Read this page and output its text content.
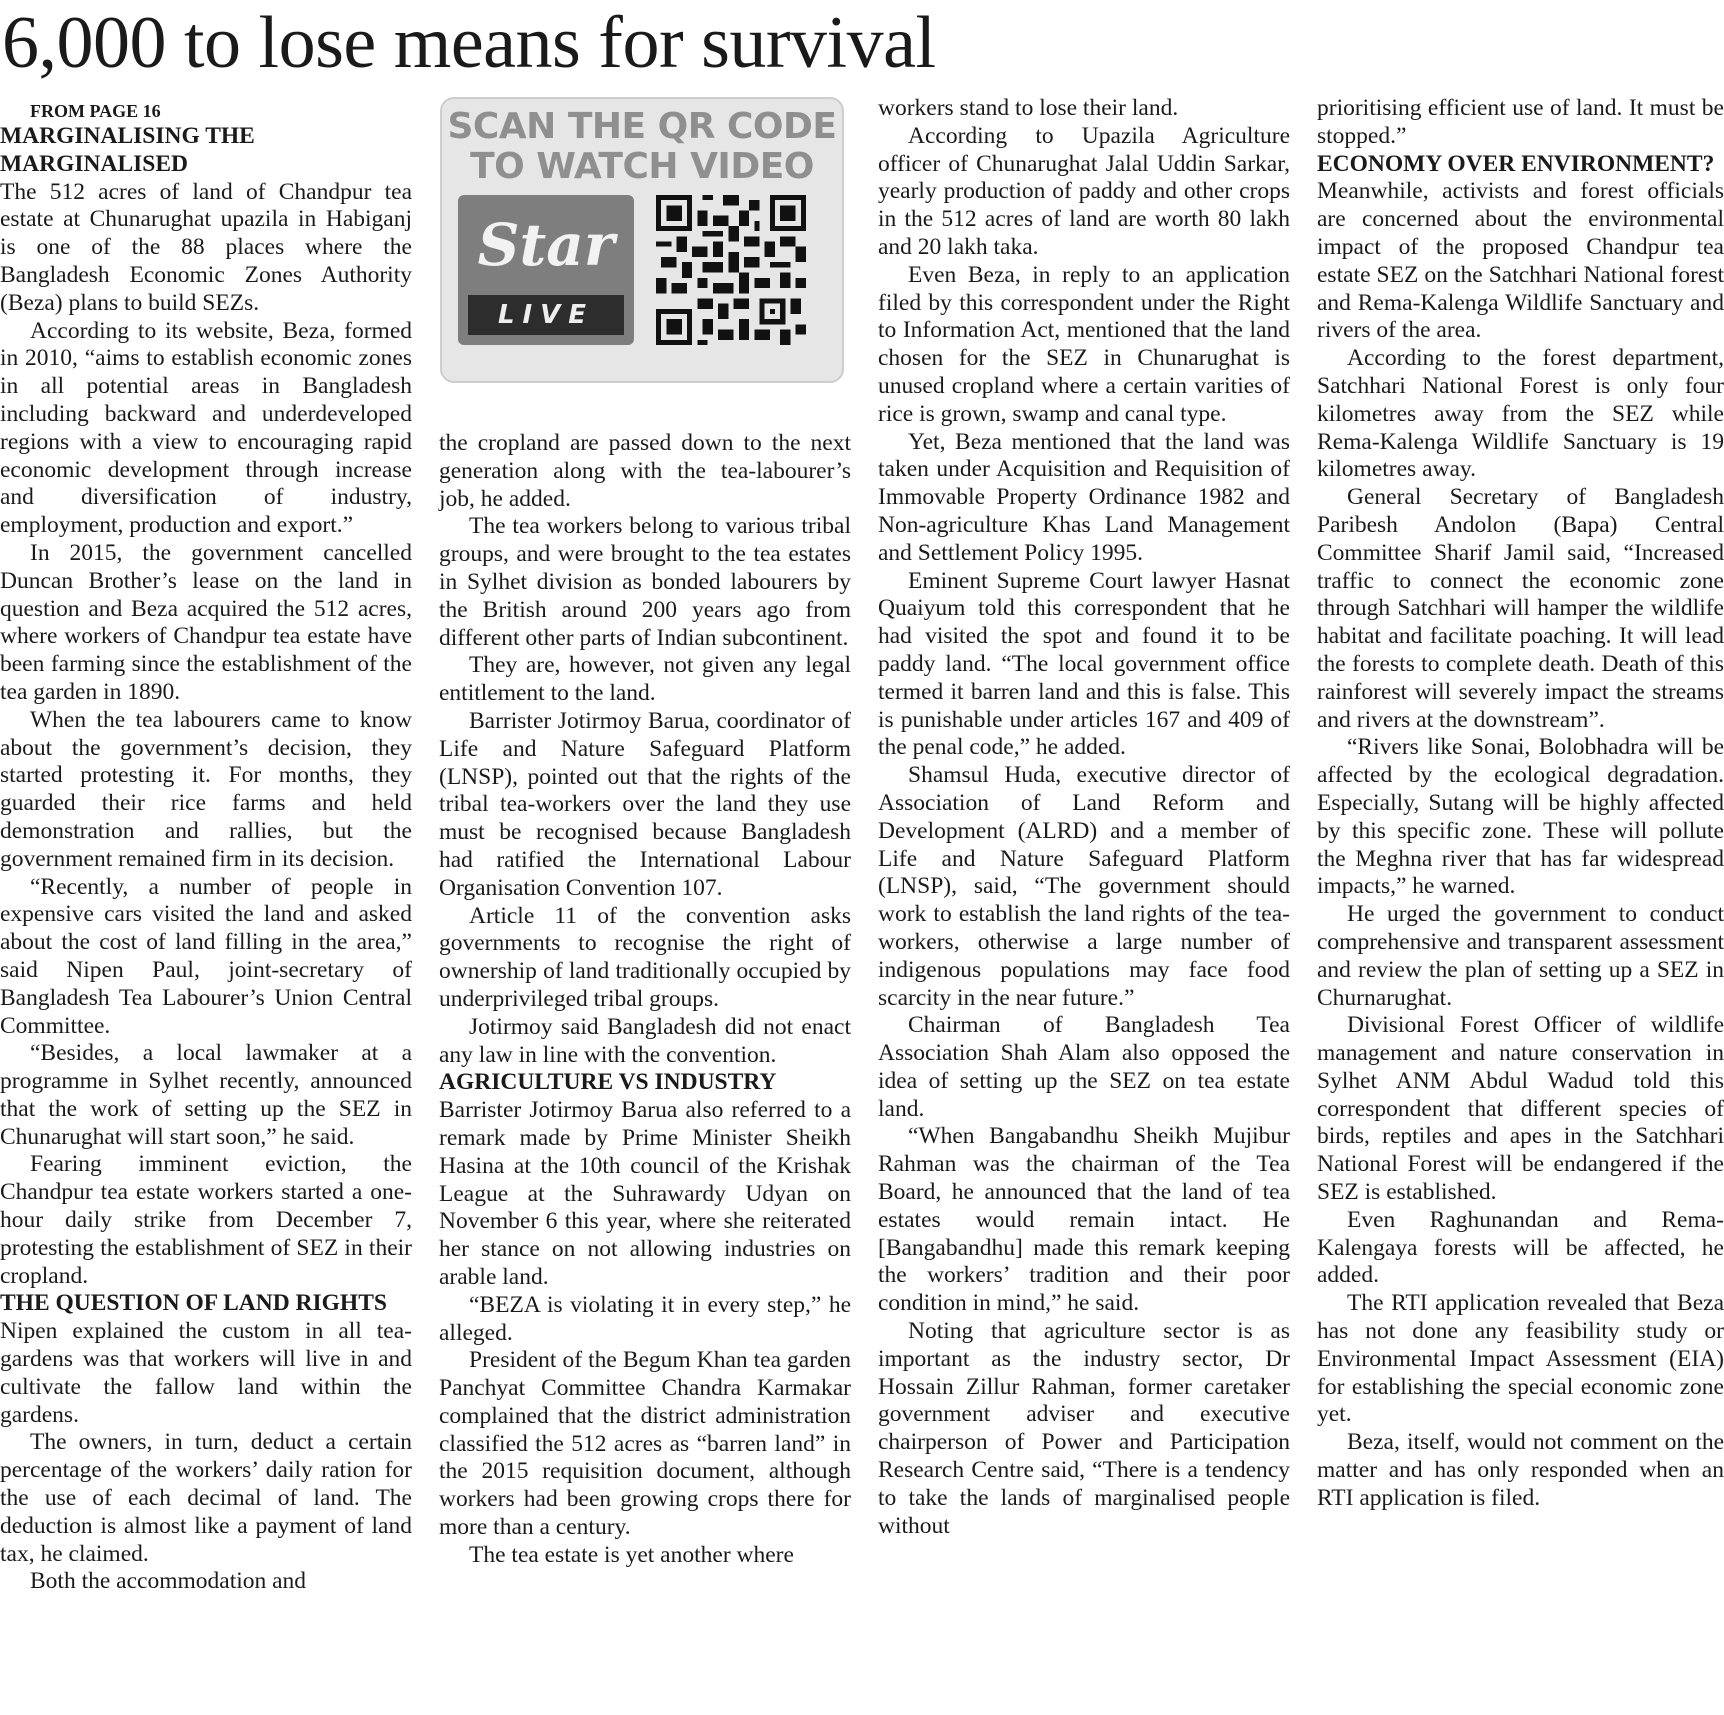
6,000 to lose means for survival

FROM PAGE 16

MARGINALISING THE MARGINALISED

The 512 acres of land of Chandpur tea estate at Chunarughat upazila in Habiganj is one of the 88 places where the Bangladesh Economic Zones Authority (Beza) plans to build SEZs.

According to its website, Beza, formed in 2010, “aims to establish economic zones in all potential areas in Bangladesh including backward and underdeveloped regions with a view to encouraging rapid economic development through increase and diversification of industry, employment, production and export.”

In 2015, the government cancelled Duncan Brother’s lease on the land in question and Beza acquired the 512 acres, where workers of Chandpur tea estate have been farming since the establishment of the tea garden in 1890.

When the tea labourers came to know about the government’s decision, they started protesting it. For months, they guarded their rice farms and held demonstration and rallies, but the government remained firm in its decision.

“Recently, a number of people in expensive cars visited the land and asked about the cost of land filling in the area,” said Nipen Paul, joint-secretary of Bangladesh Tea Labourer’s Union Central Committee.

“Besides, a local lawmaker at a programme in Sylhet recently, announced that the work of setting up the SEZ in Chunarughat will start soon,” he said.

Fearing imminent eviction, the Chandpur tea estate workers started a one-hour daily strike from December 7, protesting the establishment of SEZ in their cropland.

THE QUESTION OF LAND RIGHTS

Nipen explained the custom in all tea-gardens was that workers will live in and cultivate the fallow land within the gardens.

The owners, in turn, deduct a certain percentage of the workers’ daily ration for the use of each decimal of land. The deduction is almost like a payment of land tax, he claimed.

Both the accommodation and

SCAN THE QR CODE
TO WATCH VIDEO
Star
LIVE

the cropland are passed down to the next generation along with the tea-labourer’s job, he added.

The tea workers belong to various tribal groups, and were brought to the tea estates in Sylhet division as bonded labourers by the British around 200 years ago from different other parts of Indian subcontinent.

They are, however, not given any legal entitlement to the land.

Barrister Jotirmoy Barua, coordinator of Life and Nature Safeguard Platform (LNSP), pointed out that the rights of the tribal tea-workers over the land they use must be recognised because Bangladesh had ratified the International Labour Organisation Convention 107.

Article 11 of the convention asks governments to recognise the right of ownership of land traditionally occupied by underprivileged tribal groups.

Jotirmoy said Bangladesh did not enact any law in line with the convention.

AGRICULTURE VS INDUSTRY

Barrister Jotirmoy Barua also referred to a remark made by Prime Minister Sheikh Hasina at the 10th council of the Krishak League at the Suhrawardy Udyan on November 6 this year, where she reiterated her stance on not allowing industries on arable land.

“BEZA is violating it in every step,” he alleged.

President of the Begum Khan tea garden Panchyat Committee Chandra Karmakar complained that the district administration classified the 512 acres as “barren land” in the 2015 requisition document, although workers had been growing crops there for more than a century.

The tea estate is yet another where

workers stand to lose their land.

According to Upazila Agriculture officer of Chunarughat Jalal Uddin Sarkar, yearly production of paddy and other crops in the 512 acres of land are worth 80 lakh and 20 lakh taka.

Even Beza, in reply to an application filed by this correspondent under the Right to Information Act, mentioned that the land chosen for the SEZ in Chunarughat is unused cropland where a certain varities of rice is grown, swamp and canal type.

Yet, Beza mentioned that the land was taken under Acquisition and Requisition of Immovable Property Ordinance 1982 and Non-agriculture Khas Land Management and Settlement Policy 1995.

Eminent Supreme Court lawyer Hasnat Quaiyum told this correspondent that he had visited the spot and found it to be paddy land. “The local government office termed it barren land and this is false. This is punishable under articles 167 and 409 of the penal code,” he added.

Shamsul Huda, executive director of Association of Land Reform and Development (ALRD) and a member of Life and Nature Safeguard Platform (LNSP), said, “The government should work to establish the land rights of the tea-workers, otherwise a large number of indigenous populations may face food scarcity in the near future.”

Chairman of Bangladesh Tea Association Shah Alam also opposed the idea of setting up the SEZ on tea estate land.

“When Bangabandhu Sheikh Mujibur Rahman was the chairman of the Tea Board, he announced that the land of tea estates would remain intact. He [Bangabandhu] made this remark keeping the workers’ tradition and their poor condition in mind,” he said.

Noting that agriculture sector is as important as the industry sector, Dr Hossain Zillur Rahman, former caretaker government adviser and executive chairperson of Power and Participation Research Centre said, “There is a tendency to take the lands of marginalised people without

prioritising efficient use of land. It must be stopped.”

ECONOMY OVER ENVIRONMENT?

Meanwhile, activists and forest officials are concerned about the environmental impact of the proposed Chandpur tea estate SEZ on the Satchhari National forest and Rema-Kalenga Wildlife Sanctuary and rivers of the area.

According to the forest department, Satchhari National Forest is only four kilometres away from the SEZ while Rema-Kalenga Wildlife Sanctuary is 19 kilometres away.

General Secretary of Bangladesh Paribesh Andolon (Bapa) Central Committee Sharif Jamil said, “Increased traffic to connect the economic zone through Satchhari will hamper the wildlife habitat and facilitate poaching. It will lead the forests to complete death. Death of this rainforest will severely impact the streams and rivers at the downstream”.

“Rivers like Sonai, Bolobhadra will be affected by the ecological degradation. Especially, Sutang will be highly affected by this specific zone. These will pollute the Meghna river that has far widespread impacts,” he warned.

He urged the government to conduct comprehensive and transparent assessment and review the plan of setting up a SEZ in Churnarughat.

Divisional Forest Officer of wildlife management and nature conservation in Sylhet ANM Abdul Wadud told this correspondent that different species of birds, reptiles and apes in the Satchhari National Forest will be endangered if the SEZ is established.

Even Raghunandan and Rema-Kalengaya forests will be affected, he added.

The RTI application revealed that Beza has not done any feasibility study or Environmental Impact Assessment (EIA) for establishing the special economic zone yet.

Beza, itself, would not comment on the matter and has only responded when an RTI application is filed.
